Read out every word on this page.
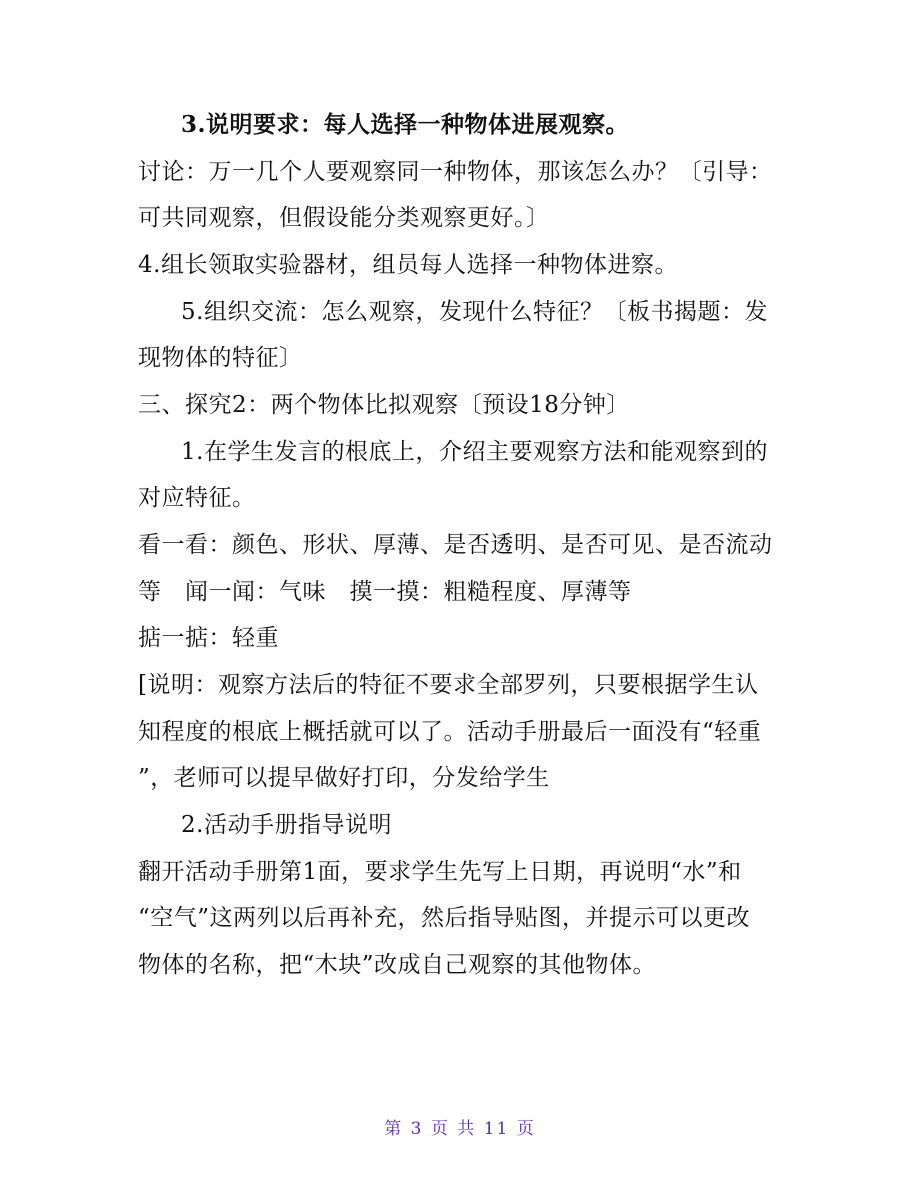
3.说明要求：每人选择一种物体进展观察。
讨论：万一几个人要观察同一种物体，那该怎么办？〔引导：
可共同观察，但假设能分类观察更好。〕
4.组长领取实验器材，组员每人选择一种物体进察。
5.组织交流：怎么观察，发现什么特征？〔板书揭题：发
现物体的特征〕
三、探究2：两个物体比拟观察〔预设18分钟〕
1.在学生发言的根底上，介绍主要观察方法和能观察到的
对应特征。
看一看：颜色、形状、厚薄、是否透明、是否可见、是否流动
等　闻一闻：气味　摸一摸：粗糙程度、厚薄等
掂一掂：轻重
[说明：观察方法后的特征不要求全部罗列，只要根据学生认
知程度的根底上概括就可以了。活动手册最后一面没有“轻重
”，老师可以提早做好打印，分发给学生
2.活动手册指导说明
翻开活动手册第1面，要求学生先写上日期，再说明“水”和
“空气”这两列以后再补充，然后指导贴图，并提示可以更改
物体的名称，把“木块”改成自己观察的其他物体。
第 3 页 共 11 页
